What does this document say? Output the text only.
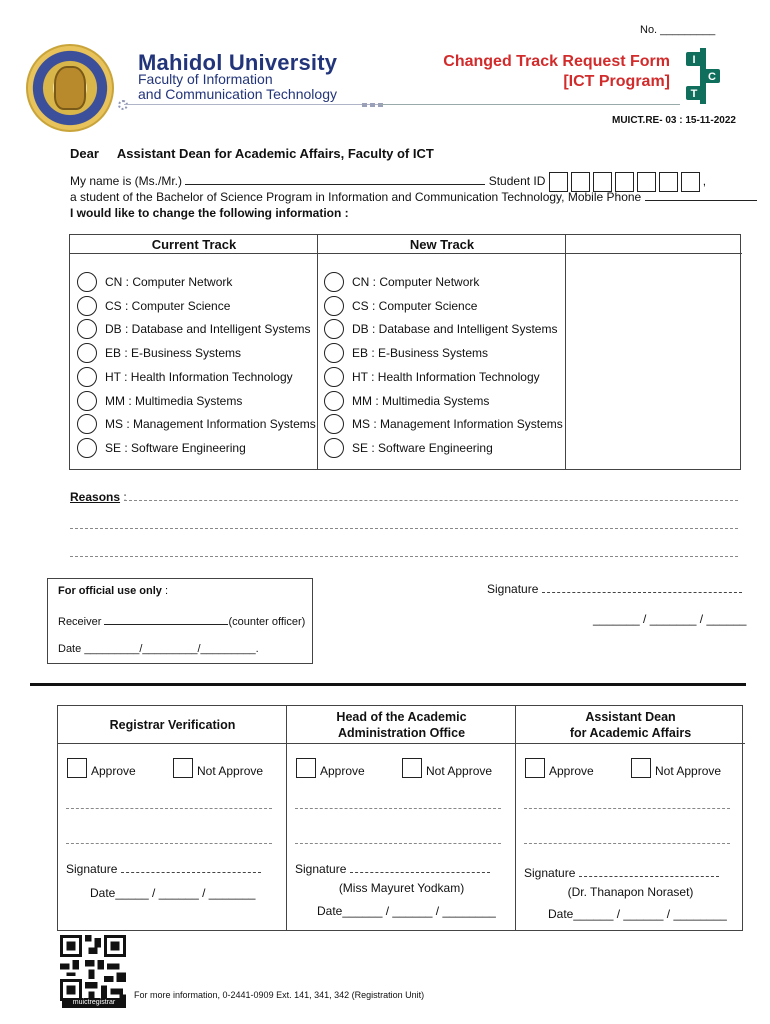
No. _________
Mahidol University
Faculty of Information
and Communication Technology
Changed Track Request Form
[ICT Program]
I
C
T
MUICT.RE- 03 : 15-11-2022
Dear Assistant Dean for Academic Affairs, Faculty of ICT
My name is (Ms./Mr.)	Student ID	,
a student of the Bachelor of Science Program in Information and Communication Technology, Mobile Phone
I would like to change the following information :
Current Track	New Track
CN : Computer Network	CN : Computer Network
CS : Computer Science	CS : Computer Science
DB : Database and Intelligent Systems	DB : Database and Intelligent Systems
EB : E-Business Systems	EB : E-Business Systems
HT : Health Information Technology	HT : Health Information Technology
MM : Multimedia Systems	MM : Multimedia Systems
MS : Management Information Systems	MS : Management Information Systems
SE : Software Engineering	SE : Software Engineering
Reasons :
For official use only :
Receiver	(counter officer)
Date _________/_________/_________.
Signature
_______ / _______ / ______
Registrar Verification
Approve	Not Approve
Signature
Date_____ / ______ / _______
Head of the Academic
Administration Office
Approve	Not Approve
Signature
(Miss Mayuret Yodkam)
Date______ / ______ / ________
Assistant Dean
for Academic Affairs
Approve	Not Approve
Signature
(Dr. Thanapon Noraset)
Date______ / ______ / ________
muictregistrar
For more information, 0-2441-0909 Ext. 141, 341, 342 (Registration Unit)
